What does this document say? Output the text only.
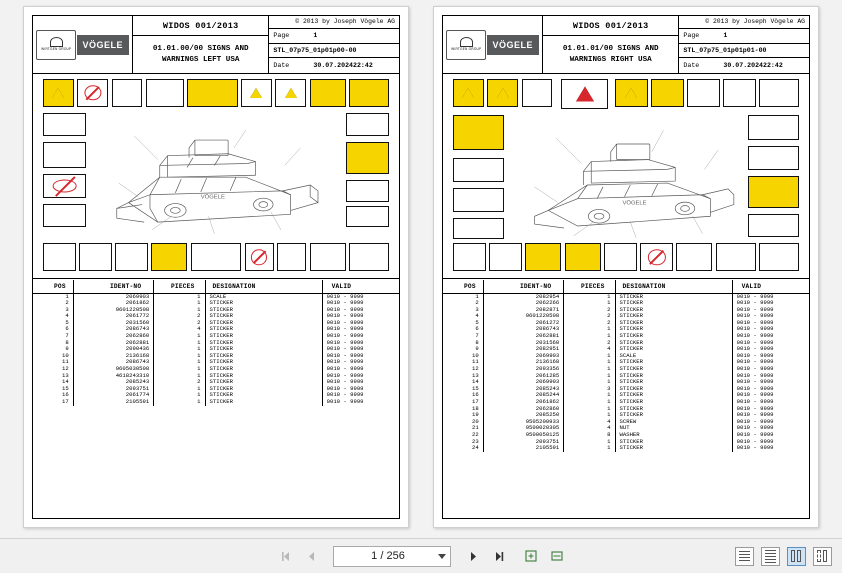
WIRTGEN GROUP	VÖGELE
WIDOS 001/2013
01.01.00/00 SIGNS AND
WARNINGS LEFT USA
© 2013 by Joseph Vögele AG
Page	1
STL_07p75_01p01p00-00
Date	30.07.2024 22:42
VÖGELE
POS	IDENT-NO	PIECES	DESIGNATION	VALID
1	2069903	1	SCALE	0010 - 9999
2	2061862	1	STICKER	0010 - 9999
3	9601220508	1	STICKER	0010 - 9999
4	2061772	2	STICKER	0010 - 9999
5	2031560	2	STICKER	0010 - 9999
6	2086743	4	STICKER	0010 - 9999
7	2062860	1	STICKER	0010 - 9999
8	2062881	1	STICKER	0010 - 9999
9	2090436	1	STICKER	0010 - 9999
10	2136168	1	STICKER	0010 - 9999
11	2086743	1	STICKER	0010 - 9999
12	9605030508	1	STICKER	0010 - 9999
13	4618243310	1	STICKER	0010 - 9999
14	2085243	2	STICKER	0010 - 9999
15	2093751	1	STICKER	0010 - 9999
16	2061774	1	STICKER	0010 - 9999
17	2105591	1	STICKER	0010 - 9999
WIRTGEN GROUP	VÖGELE
WIDOS 001/2013
01.01.01/00 SIGNS AND
WARNINGS RIGHT USA
© 2013 by Joseph Vögele AG
Page	1
STL_07p75_01p01p01-00
Date	30.07.2024 22:42
VÖGELE
POS	IDENT-NO	PIECES	DESIGNATION	VALID
1	2082954	1	STICKER	0010 - 9999
2	2062266	1	STICKER	0010 - 9999
3	2082871	2	STICKER	0010 - 9999
4	9601220508	2	STICKER	0010 - 9999
5	2061272	2	STICKER	0010 - 9999
6	2086743	1	STICKER	0010 - 9999
7	2062881	1	STICKER	0010 - 9999
8	2031560	2	STICKER	0010 - 9999
9	2082951	4	STICKER	0010 - 9999
10	2069903	1	SCALE	0010 - 9999
11	2136168	1	STICKER	0010 - 9999
12	2093356	1	STICKER	0010 - 9999
13	2061285	1	STICKER	0010 - 9999
14	2069903	1	STICKER	0010 - 9999
15	2085243	3	STICKER	0010 - 9999
16	2085244	1	STICKER	0010 - 9999
17	2061862	1	STICKER	0010 - 9999
18	2062860	1	STICKER	0010 - 9999
19	2085250	1	STICKER	0010 - 9999
20	9505200933	4	SCREW	0010 - 9999
21	9500020305	4	NUT	0010 - 9999
22	9500050125	8	WASHER	0010 - 9999
23	2093751	1	STICKER	0010 - 9999
24	2105591	1	STICKER	0010 - 9999
1 / 256
